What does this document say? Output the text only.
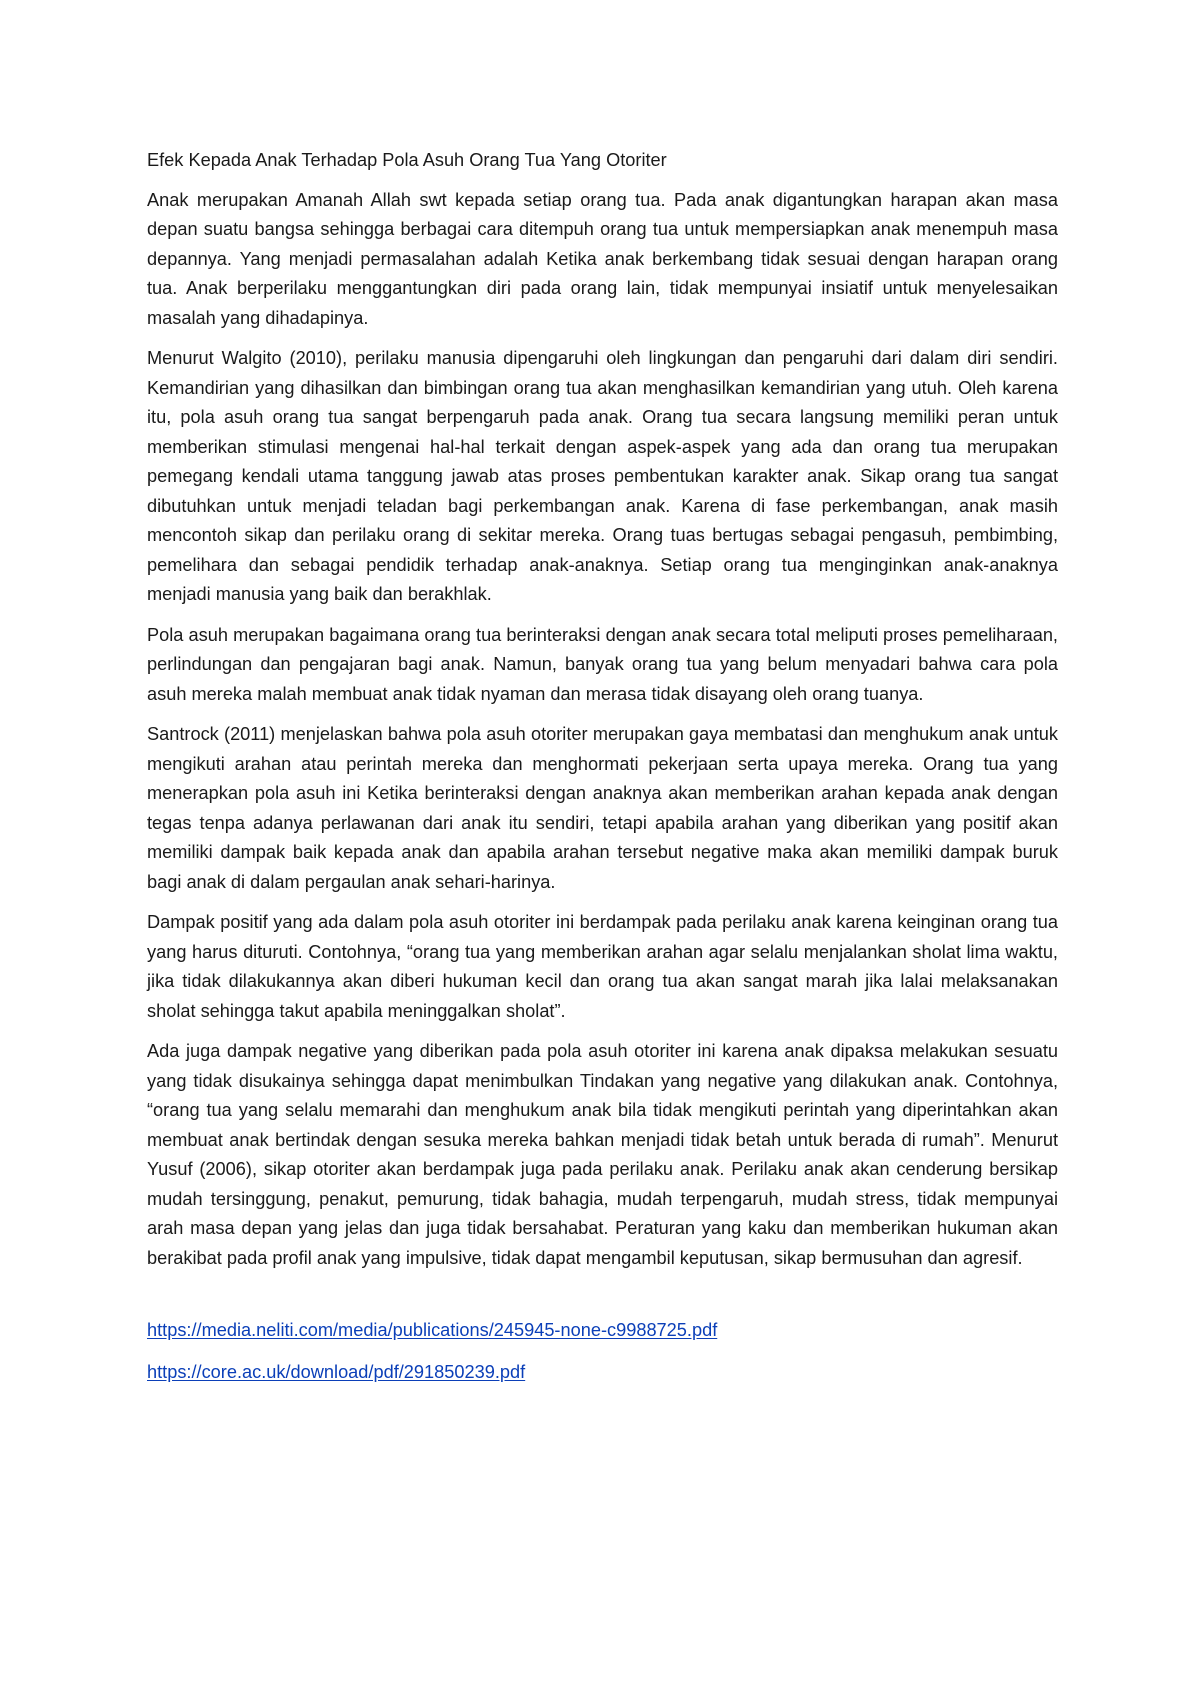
Efek Kepada Anak Terhadap Pola Asuh Orang Tua Yang Otoriter

Anak merupakan Amanah Allah swt kepada setiap orang tua. Pada anak digantungkan harapan akan masa depan suatu bangsa sehingga berbagai cara ditempuh orang tua untuk mempersiapkan anak menempuh masa depannya. Yang menjadi permasalahan adalah Ketika anak berkembang tidak sesuai dengan harapan orang tua. Anak berperilaku menggantungkan diri pada orang lain, tidak mempunyai insiatif untuk menyelesaikan masalah yang dihadapinya.

Menurut Walgito (2010), perilaku manusia dipengaruhi oleh lingkungan dan pengaruhi dari dalam diri sendiri. Kemandirian yang dihasilkan dan bimbingan orang tua akan menghasilkan kemandirian yang utuh. Oleh karena itu, pola asuh orang tua sangat berpengaruh pada anak. Orang tua secara langsung memiliki peran untuk memberikan stimulasi mengenai hal-hal terkait dengan aspek-aspek yang ada dan orang tua merupakan pemegang kendali utama tanggung jawab atas proses pembentukan karakter anak. Sikap orang tua sangat dibutuhkan untuk menjadi teladan bagi perkembangan anak. Karena di fase perkembangan, anak masih mencontoh sikap dan perilaku orang di sekitar mereka. Orang tuas bertugas sebagai pengasuh, pembimbing, pemelihara dan sebagai pendidik terhadap anak-anaknya. Setiap orang tua menginginkan anak-anaknya menjadi manusia yang baik dan berakhlak.

Pola asuh merupakan bagaimana orang tua berinteraksi dengan anak secara total meliputi proses pemeliharaan, perlindungan dan pengajaran bagi anak. Namun, banyak orang tua yang belum menyadari bahwa cara pola asuh mereka malah membuat anak tidak nyaman dan merasa tidak disayang oleh orang tuanya.

Santrock (2011) menjelaskan bahwa pola asuh otoriter merupakan gaya membatasi dan menghukum anak untuk mengikuti arahan atau perintah mereka dan menghormati pekerjaan serta upaya mereka. Orang tua yang menerapkan pola asuh ini Ketika berinteraksi dengan anaknya akan memberikan arahan kepada anak dengan tegas tenpa adanya perlawanan dari anak itu sendiri, tetapi apabila arahan yang diberikan yang positif akan memiliki dampak baik kepada anak dan apabila arahan tersebut negative maka akan memiliki dampak buruk bagi anak di dalam pergaulan anak sehari-harinya.

Dampak positif yang ada dalam pola asuh otoriter ini berdampak pada perilaku anak karena keinginan orang tua yang harus dituruti. Contohnya, “orang tua yang memberikan arahan agar selalu menjalankan sholat lima waktu, jika tidak dilakukannya akan diberi hukuman kecil dan orang tua akan sangat marah jika lalai melaksanakan sholat sehingga takut apabila meninggalkan sholat”.

Ada juga dampak negative yang diberikan pada pola asuh otoriter ini karena anak dipaksa melakukan sesuatu yang tidak disukainya sehingga dapat menimbulkan Tindakan yang negative yang dilakukan anak. Contohnya, “orang tua yang selalu memarahi dan menghukum anak bila tidak mengikuti perintah yang diperintahkan akan membuat anak bertindak dengan sesuka mereka bahkan menjadi tidak betah untuk berada di rumah”. Menurut Yusuf (2006), sikap otoriter akan berdampak juga pada perilaku anak. Perilaku anak akan cenderung bersikap mudah tersinggung, penakut, pemurung, tidak bahagia, mudah terpengaruh, mudah stress, tidak mempunyai arah masa depan yang jelas dan juga tidak bersahabat. Peraturan yang kaku dan memberikan hukuman akan berakibat pada profil anak yang impulsive, tidak dapat mengambil keputusan, sikap bermusuhan dan agresif.

https://media.neliti.com/media/publications/245945-none-c9988725.pdf
https://core.ac.uk/download/pdf/291850239.pdf
